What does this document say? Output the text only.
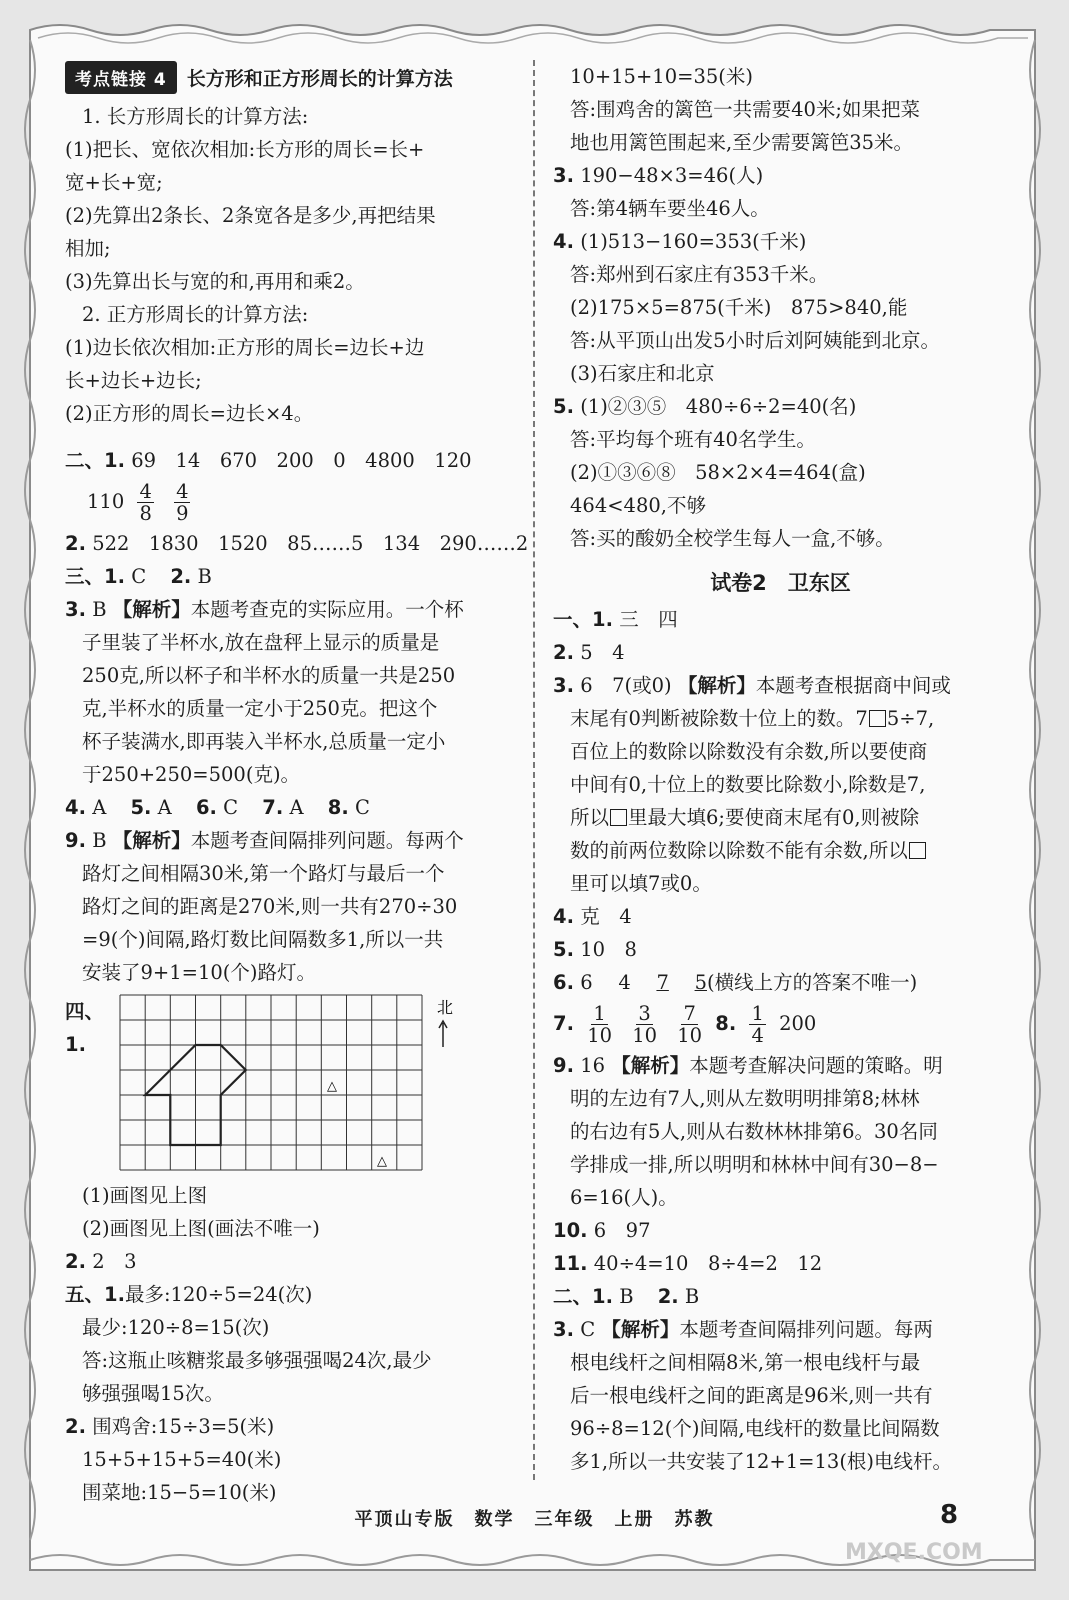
考点链接 4	长方形和正方形周长的计算方法
1. 长方形周长的计算方法:
(1)把长、宽依次相加:长方形的周长=长+
宽+长+宽;
(2)先算出2条长、2条宽各是多少,再把结果
相加;
(3)先算出长与宽的和,再用和乘2。
2. 正方形周长的计算方法:
(1)边长依次相加:正方形的周长=边长+边
长+边长+边长;
(2)正方形的周长=边长×4。
二、1. 69　14　670　200　0　4800　120
$110 \frac{4}{8}$
$\frac{4}{9}$
2. 522　1830　1520　85……5　134　290……2
三、1. C 2. B
3. B 【解析】本题考查克的实际应用。一个杯
子里装了半杯水,放在盘秤上显示的质量是
250克,所以杯子和半杯水的质量一共是250
克,半杯水的质量一定小于250克。把这个
杯子装满水,即再装入半杯水,总质量一定小
于250+250=500(克)。
4. A 5. A 6. C 7. A 8. C
9. B 【解析】本题考查间隔排列问题。每两个
路灯之间相隔30米,第一个路灯与最后一个
路灯之间的距离是270米,则一共有270÷30
=9(个)间隔,路灯数比间隔数多1,所以一共
安装了9+1=10(个)路灯。
四、1.
△
△
北
(1)画图见上图
(2)画图见上图(画法不唯一)
2. 2　3
五、1.最多:120÷5=24(次)
最少:120÷8=15(次)
答:这瓶止咳糖浆最多够强强喝24次,最少
够强强喝15次。
2. 围鸡舍:15÷3=5(米)
15+5+15+5=40(米)
围菜地:15−5=10(米)
10+15+10=35(米)
答:围鸡舍的篱笆一共需要40米;如果把菜
地也用篱笆围起来,至少需要篱笆35米。
3. 190−48×3=46(人)
答:第4辆车要坐46人。
4. (1)513−160=353(千米)
答:郑州到石家庄有353千米。
(2)175×5=875(千米)　875>840,能
答:从平顶山出发5小时后刘阿姨能到北京。
(3)石家庄和北京
5. (1)②③⑤　480÷6÷2=40(名)
答:平均每个班有40名学生。
(2)①③⑥⑧　58×2×4=464(盒)
464<480,不够
答:买的酸奶全校学生每人一盒,不够。
试卷2　卫东区
一、1. 三　四
2. 5　4
3. 6　7(或0) 【解析】本题考查根据商中间或
末尾有0判断被除数十位上的数。7 5÷7,
百位上的数除以除数没有余数,所以要使商
中间有0,十位上的数要比除数小,除数是7,
所以 里最大填6;要使商末尾有0,则被除
数的前两位数除以除数不能有余数,所以
里可以填7或0。
4. 克　4
5. 10　8
6. 6　 4　 7　 5(横线上方的答案不唯一)
7. $\frac{1}{10}$
$\frac{3}{10}$
$\frac{7}{10} 8$. $\frac{1}{4} 200$
9. 16 【解析】本题考查解决问题的策略。明
明的左边有7人,则从左数明明排第8;林林
的右边有5人,则从右数林林排第6。30名同
学排成一排,所以明明和林林中间有30−8−
6=16(人)。
10. 6　97
11. 40÷4=10　8÷4=2　12
二、1. B 2. B
3. C 【解析】本题考查间隔排列问题。每两
根电线杆之间相隔8米,第一根电线杆与最
后一根电线杆之间的距离是96米,则一共有
96÷8=12(个)间隔,电线杆的数量比间隔数
多1,所以一共安装了12+1=13(根)电线杆。
平顶山专版　数学　三年级　上册　苏教	8
MXQE.COM
